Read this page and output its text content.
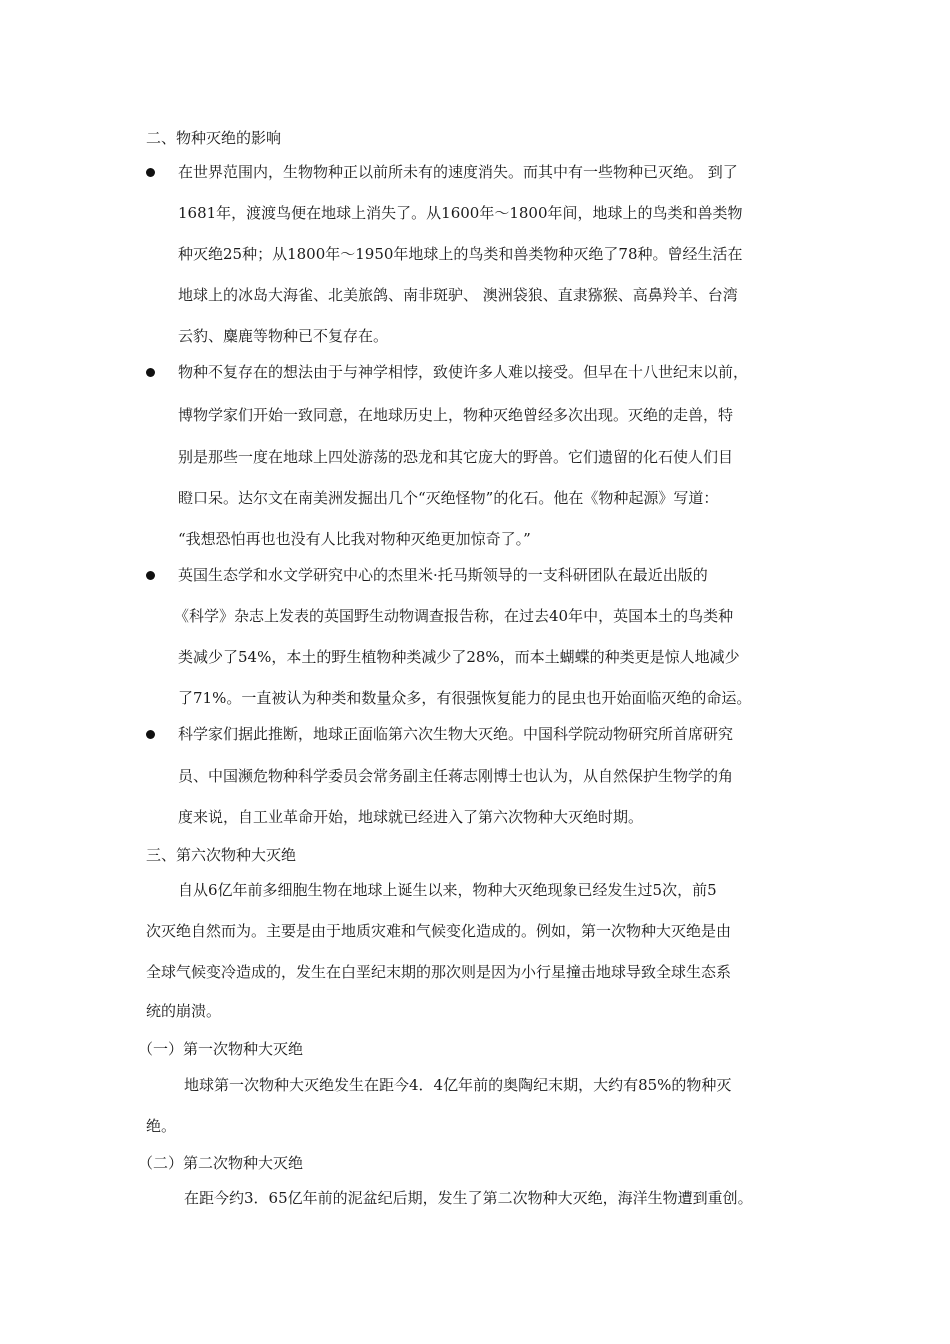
二、物种灭绝的影响
在世界范围内，生物物种正以前所未有的速度消失。而其中有一些物种已灭绝。 到了
1681年，渡渡鸟便在地球上消失了。从1600年～1800年间，地球上的鸟类和兽类物
种灭绝25种；从1800年～1950年地球上的鸟类和兽类物种灭绝了78种。曾经生活在
地球上的冰岛大海雀、北美旅鸽、南非斑驴、 澳洲袋狼、直隶猕猴、高鼻羚羊、台湾
云豹、麋鹿等物种已不复存在。
物种不复存在的想法由于与神学相悖，致使许多人难以接受。但早在十八世纪末以前，
博物学家们开始一致同意，在地球历史上，物种灭绝曾经多次出现。灭绝的走兽，特
别是那些一度在地球上四处游荡的恐龙和其它庞大的野兽。它们遗留的化石使人们目
瞪口呆。达尔文在南美洲发掘出几个“灭绝怪物”的化石。他在《物种起源》写道：
“我想恐怕再也也没有人比我对物种灭绝更加惊奇了。”
英国生态学和水文学研究中心的杰里米·托马斯领导的一支科研团队在最近出版的
《科学》杂志上发表的英国野生动物调查报告称，在过去40年中，英国本土的鸟类种
类减少了54%，本土的野生植物种类减少了28%，而本土蝴蝶的种类更是惊人地减少
了71%。一直被认为种类和数量众多，有很强恢复能力的昆虫也开始面临灭绝的命运。
科学家们据此推断，地球正面临第六次生物大灭绝。中国科学院动物研究所首席研究
员、中国濒危物种科学委员会常务副主任蒋志刚博士也认为，从自然保护生物学的角
度来说，自工业革命开始，地球就已经进入了第六次物种大灭绝时期。
三、第六次物种大灭绝
自从6亿年前多细胞生物在地球上诞生以来，物种大灭绝现象已经发生过5次，前5
次灭绝自然而为。主要是由于地质灾难和气候变化造成的。例如，第一次物种大灭绝是由
全球气候变冷造成的，发生在白垩纪末期的那次则是因为小行星撞击地球导致全球生态系
统的崩溃。
（一）第一次物种大灭绝
地球第一次物种大灭绝发生在距今4．4亿年前的奥陶纪末期，大约有85%的物种灭
绝。
（二）第二次物种大灭绝
在距今约3．65亿年前的泥盆纪后期，发生了第二次物种大灭绝，海洋生物遭到重创。
